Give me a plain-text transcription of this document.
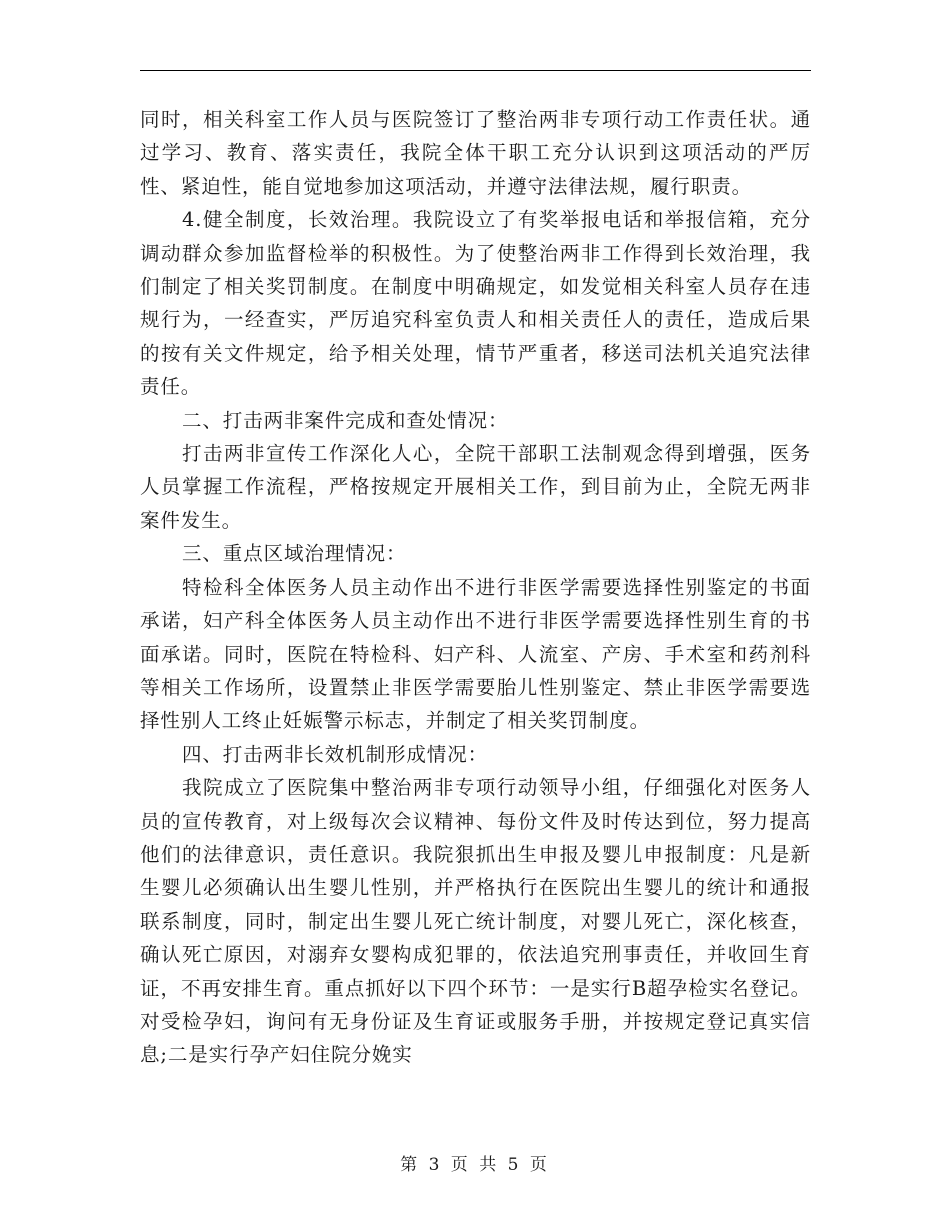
同时，相关科室工作人员与医院签订了整治两非专项行动工作责任状。通过学习、教育、落实责任，我院全体干职工充分认识到这项活动的严厉性、紧迫性，能自觉地参加这项活动，并遵守法律法规，履行职责。

4.健全制度，长效治理。我院设立了有奖举报电话和举报信箱，充分调动群众参加监督检举的积极性。为了使整治两非工作得到长效治理，我们制定了相关奖罚制度。在制度中明确规定，如发觉相关科室人员存在违规行为，一经查实，严厉追究科室负责人和相关责任人的责任，造成后果的按有关文件规定，给予相关处理，情节严重者，移送司法机关追究法律责任。

二、打击两非案件完成和查处情况：

打击两非宣传工作深化人心，全院干部职工法制观念得到增强，医务人员掌握工作流程，严格按规定开展相关工作，到目前为止，全院无两非案件发生。

三、重点区域治理情况：

特检科全体医务人员主动作出不进行非医学需要选择性别鉴定的书面承诺，妇产科全体医务人员主动作出不进行非医学需要选择性别生育的书面承诺。同时，医院在特检科、妇产科、人流室、产房、手术室和药剂科等相关工作场所，设置禁止非医学需要胎儿性别鉴定、禁止非医学需要选择性别人工终止妊娠警示标志，并制定了相关奖罚制度。

四、打击两非长效机制形成情况：

我院成立了医院集中整治两非专项行动领导小组，仔细强化对医务人员的宣传教育，对上级每次会议精神、每份文件及时传达到位，努力提高他们的法律意识，责任意识。我院狠抓出生申报及婴儿申报制度：凡是新生婴儿必须确认出生婴儿性别，并严格执行在医院出生婴儿的统计和通报联系制度，同时，制定出生婴儿死亡统计制度，对婴儿死亡，深化核查，确认死亡原因，对溺弃女婴构成犯罪的，依法追究刑事责任，并收回生育证，不再安排生育。重点抓好以下四个环节：一是实行B超孕检实名登记。对受检孕妇，询问有无身份证及生育证或服务手册，并按规定登记真实信息;二是实行孕产妇住院分娩实

第 3 页 共 5 页
